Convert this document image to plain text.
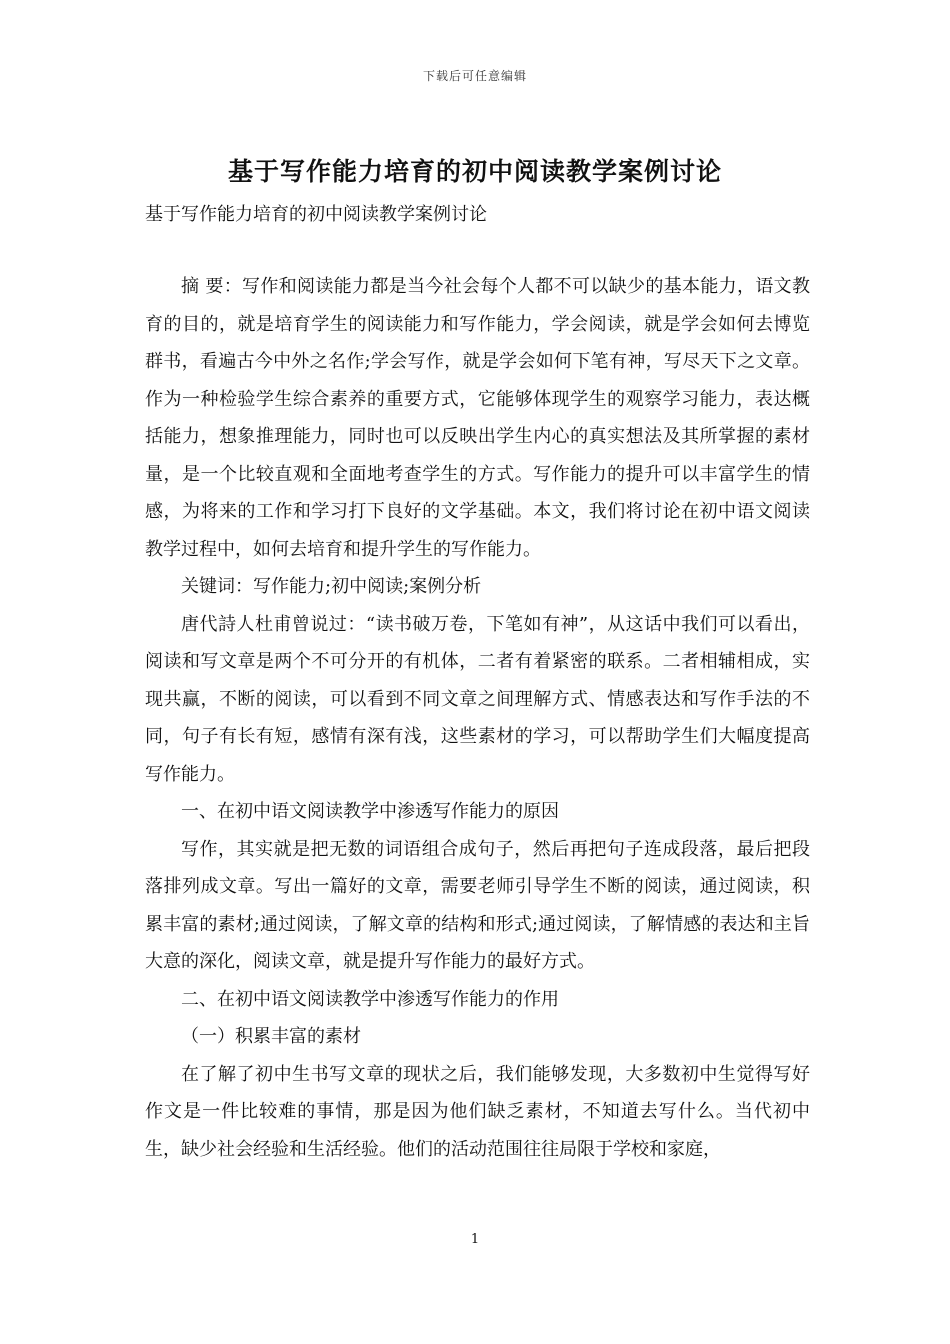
下载后可任意编辑
基于写作能力培育的初中阅读教学案例讨论
基于写作能力培育的初中阅读教学案例讨论

摘 要：写作和阅读能力都是当今社会每个人都不可以缺少的基本能力，语文教育的目的，就是培育学生的阅读能力和写作能力，学会阅读，就是学会如何去博览群书，看遍古今中外之名作;学会写作，就是学会如何下笔有神，写尽天下之文章。作为一种检验学生综合素养的重要方式，它能够体现学生的观察学习能力，表达概括能力，想象推理能力，同时也可以反映出学生内心的真实想法及其所掌握的素材量，是一个比较直观和全面地考查学生的方式。写作能力的提升可以丰富学生的情感，为将来的工作和学习打下良好的文学基础。本文，我们将讨论在初中语文阅读教学过程中，如何去培育和提升学生的写作能力。

关键词：写作能力;初中阅读;案例分析

唐代詩人杜甫曾说过：“读书破万卷，下笔如有神”，从这话中我们可以看出，阅读和写文章是两个不可分开的有机体，二者有着紧密的联系。二者相辅相成，实现共赢，不断的阅读，可以看到不同文章之间理解方式、情感表达和写作手法的不同，句子有长有短，感情有深有浅，这些素材的学习，可以帮助学生们大幅度提高写作能力。

一、在初中语文阅读教学中渗透写作能力的原因

写作，其实就是把无数的词语组合成句子，然后再把句子连成段落，最后把段落排列成文章。写出一篇好的文章，需要老师引导学生不断的阅读，通过阅读，积累丰富的素材;通过阅读，了解文章的结构和形式;通过阅读，了解情感的表达和主旨大意的深化，阅读文章，就是提升写作能力的最好方式。

二、在初中语文阅读教学中渗透写作能力的作用

（一）积累丰富的素材

在了解了初中生书写文章的现状之后，我们能够发现，大多数初中生觉得写好作文是一件比较难的事情，那是因为他们缺乏素材，不知道去写什么。当代初中生，缺少社会经验和生活经验。他们的活动范围往往局限于学校和家庭，

1
